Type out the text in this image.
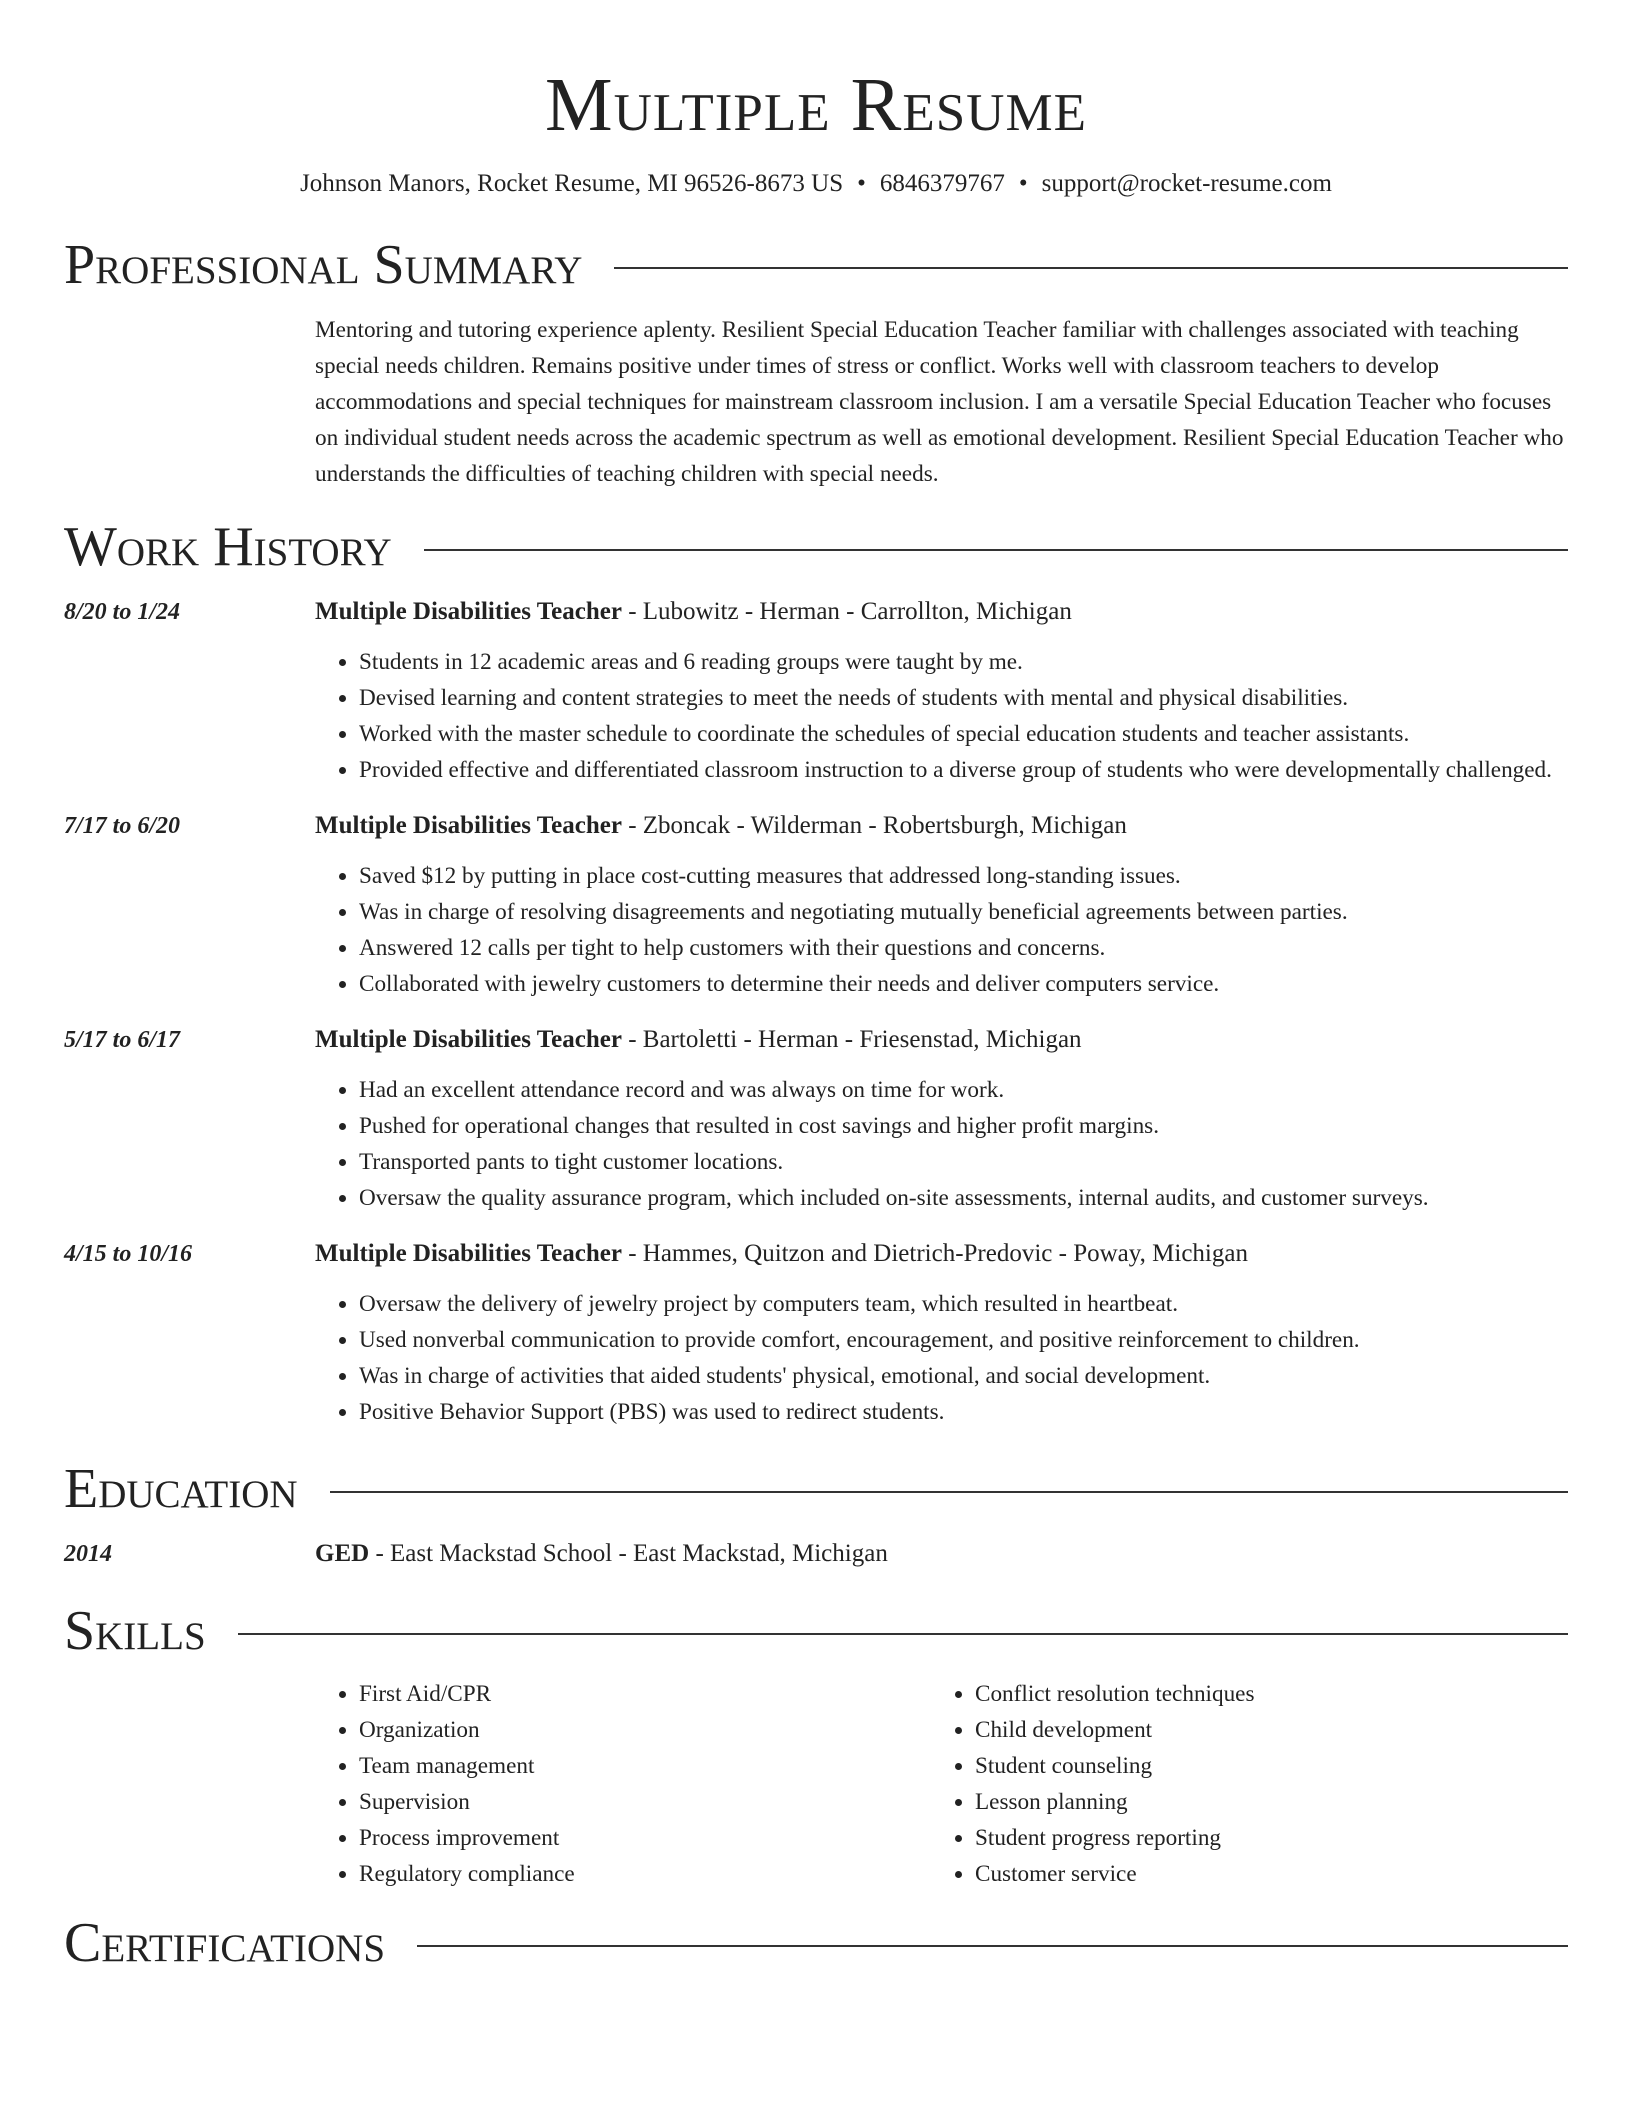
Multiple Resume
Johnson Manors, Rocket Resume, MI 96526-8673 US • 6846379767 • support@rocket-resume.com
Professional Summary
Mentoring and tutoring experience aplenty. Resilient Special Education Teacher familiar with challenges associated with teaching special needs children. Remains positive under times of stress or conflict. Works well with classroom teachers to develop accommodations and special techniques for mainstream classroom inclusion. I am a versatile Special Education Teacher who focuses on individual student needs across the academic spectrum as well as emotional development. Resilient Special Education Teacher who understands the difficulties of teaching children with special needs.
Work History
8/20 to 1/24	Multiple Disabilities Teacher - Lubowitz - Herman - Carrollton, Michigan
• Students in 12 academic areas and 6 reading groups were taught by me.
• Devised learning and content strategies to meet the needs of students with mental and physical disabilities.
• Worked with the master schedule to coordinate the schedules of special education students and teacher assistants.
• Provided effective and differentiated classroom instruction to a diverse group of students who were developmentally challenged.
7/17 to 6/20	Multiple Disabilities Teacher - Zboncak - Wilderman - Robertsburgh, Michigan
• Saved $12 by putting in place cost-cutting measures that addressed long-standing issues.
• Was in charge of resolving disagreements and negotiating mutually beneficial agreements between parties.
• Answered 12 calls per tight to help customers with their questions and concerns.
• Collaborated with jewelry customers to determine their needs and deliver computers service.
5/17 to 6/17	Multiple Disabilities Teacher - Bartoletti - Herman - Friesenstad, Michigan
• Had an excellent attendance record and was always on time for work.
• Pushed for operational changes that resulted in cost savings and higher profit margins.
• Transported pants to tight customer locations.
• Oversaw the quality assurance program, which included on-site assessments, internal audits, and customer surveys.
4/15 to 10/16	Multiple Disabilities Teacher - Hammes, Quitzon and Dietrich-Predovic - Poway, Michigan
• Oversaw the delivery of jewelry project by computers team, which resulted in heartbeat.
• Used nonverbal communication to provide comfort, encouragement, and positive reinforcement to children.
• Was in charge of activities that aided students' physical, emotional, and social development.
• Positive Behavior Support (PBS) was used to redirect students.
Education
2014	GED - East Mackstad School - East Mackstad, Michigan
Skills
• First Aid/CPR
• Organization
• Team management
• Supervision
• Process improvement
• Regulatory compliance
• Conflict resolution techniques
• Child development
• Student counseling
• Lesson planning
• Student progress reporting
• Customer service
Certifications
